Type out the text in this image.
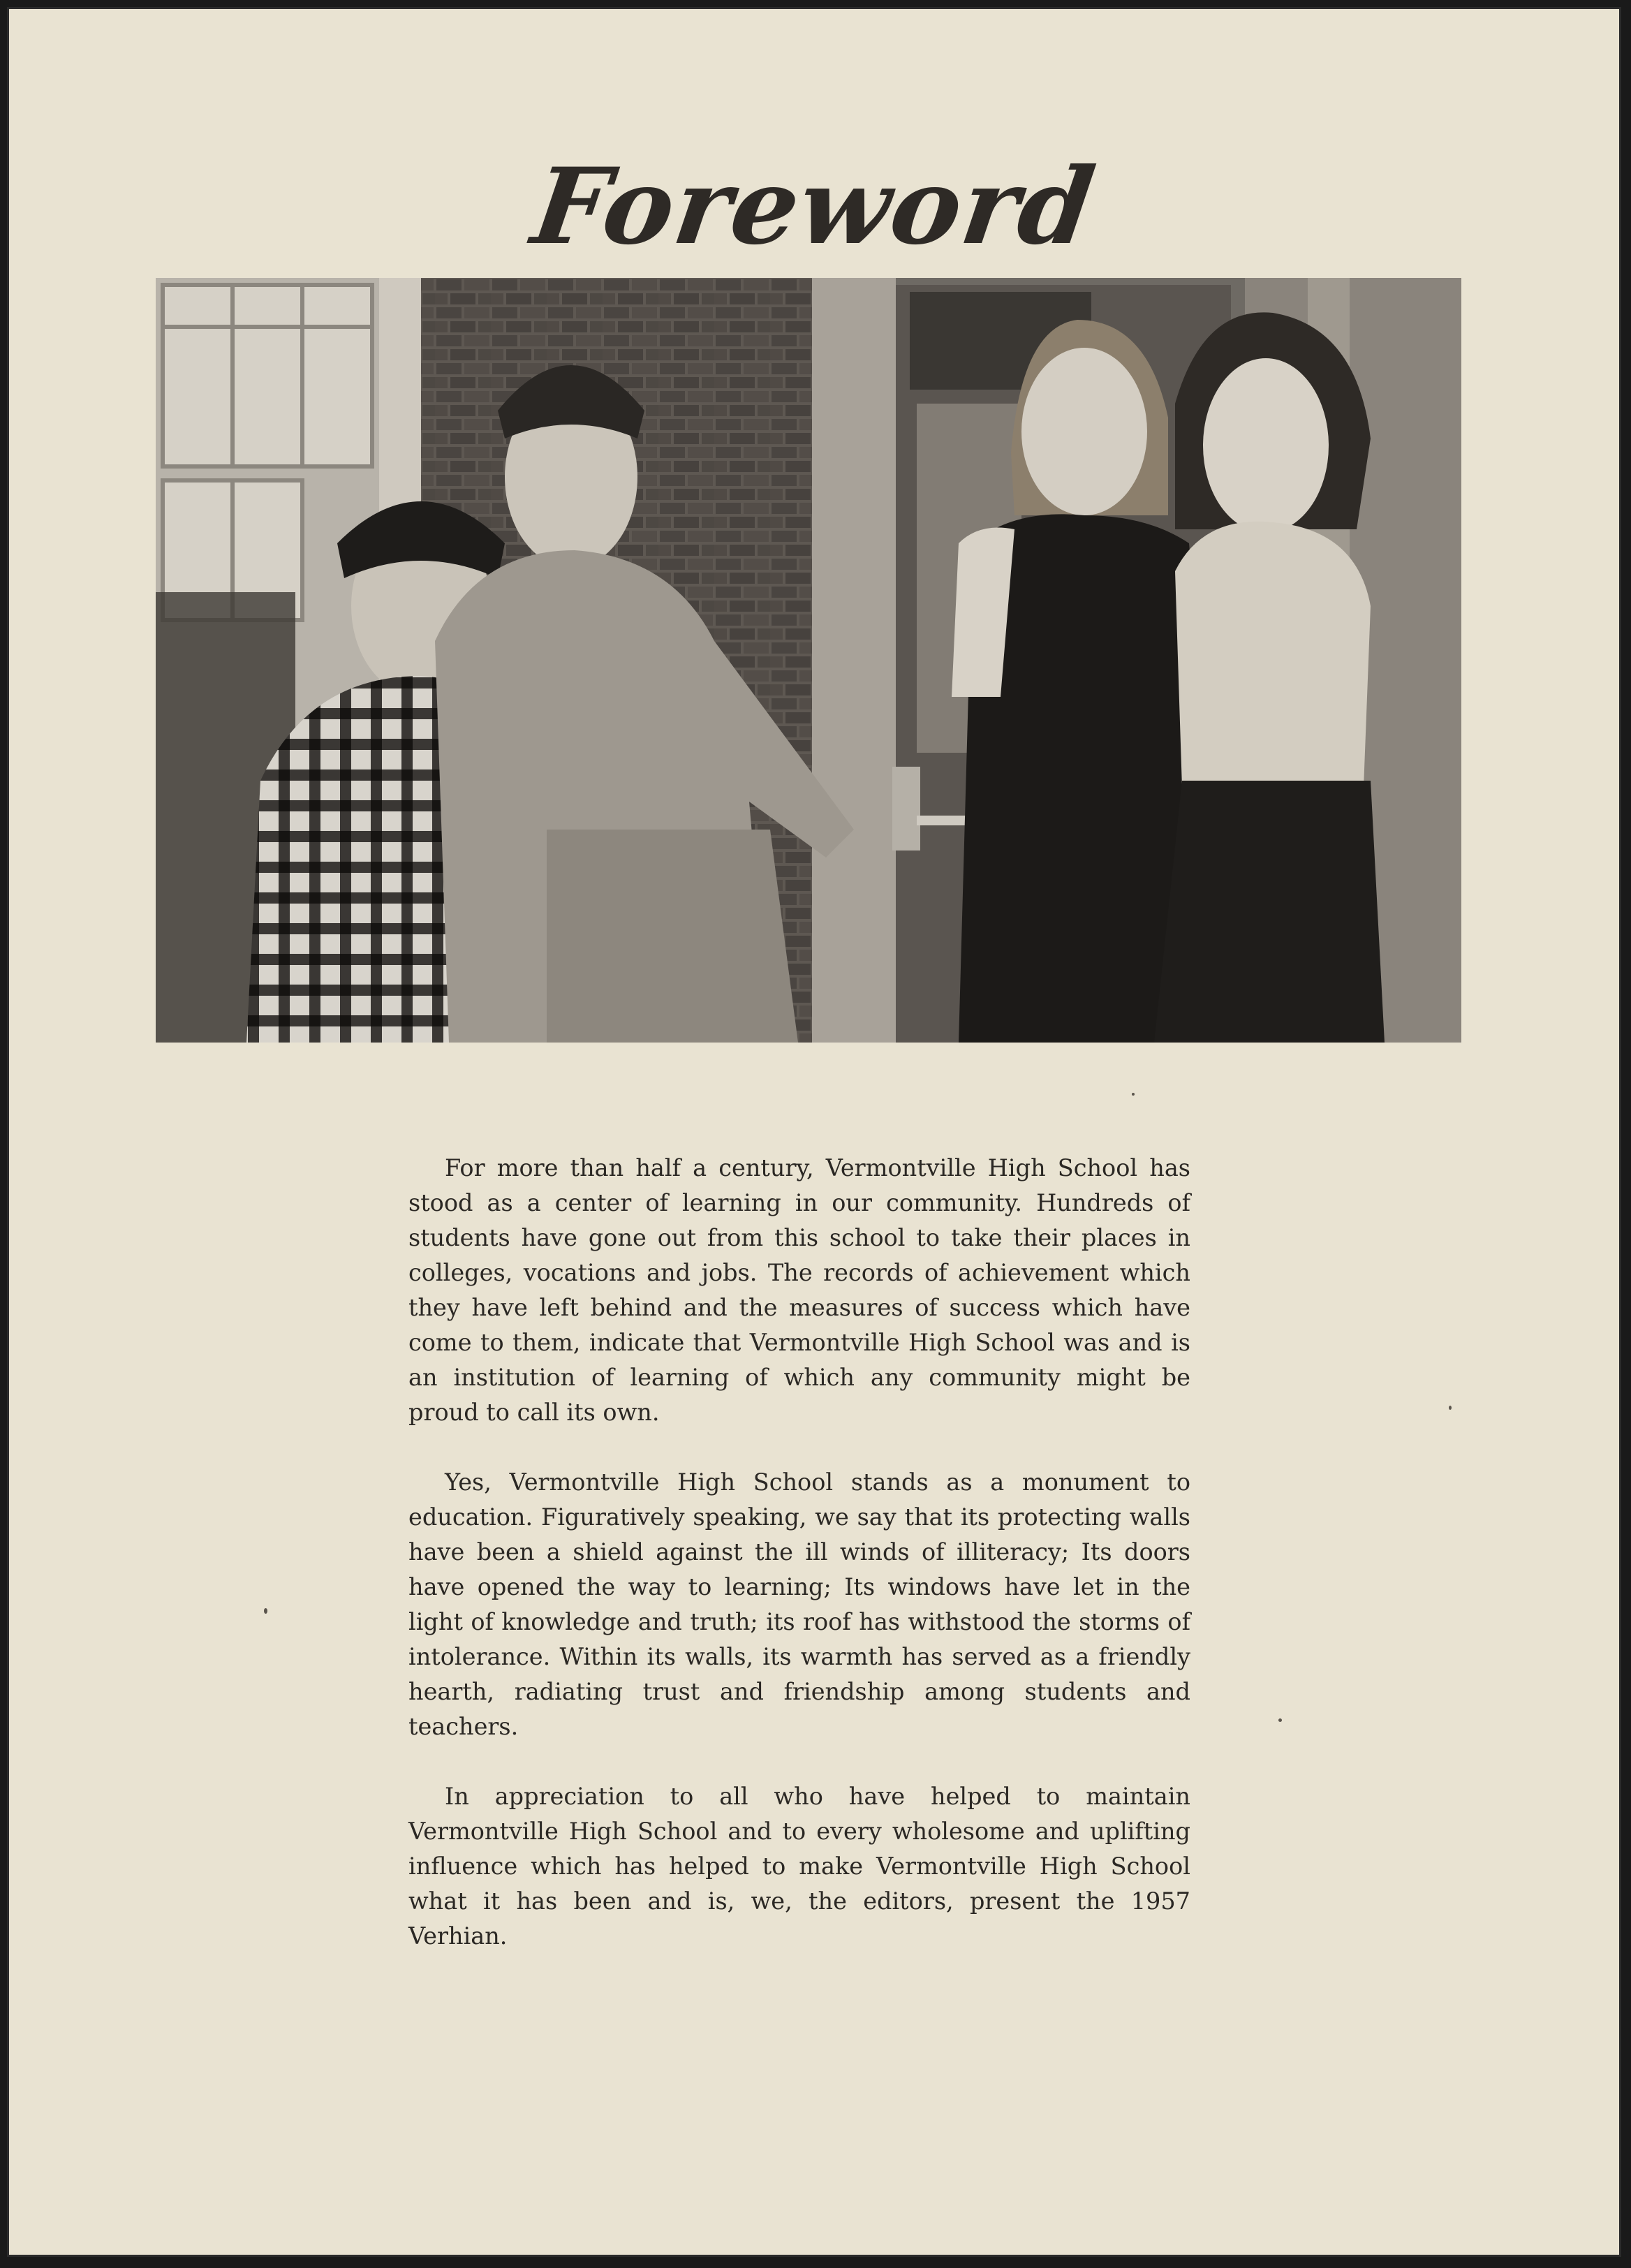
Foreword

For more than half a century, Vermontville High School has stood as a center of learning in our community. Hundreds of students have gone out from this school to take their places in colleges, vocations and jobs. The records of achievement which they have left behind and the measures of success which have come to them, indicate that Vermontville High School was and is an institution of learning of which any community might be proud to call its own.

Yes, Vermontville High School stands as a monument to education. Figuratively speaking, we say that its protecting walls have been a shield against the ill winds of illiteracy; Its doors have opened the way to learning; Its windows have let in the light of knowledge and truth; its roof has withstood the storms of intolerance. Within its walls, its warmth has served as a friendly hearth, radiating trust and friendship among students and teachers.

In appreciation to all who have helped to maintain Vermontville High School and to every wholesome and uplifting influence which has helped to make Vermontville High School what it has been and is, we, the editors, present the 1957 Verhian.
